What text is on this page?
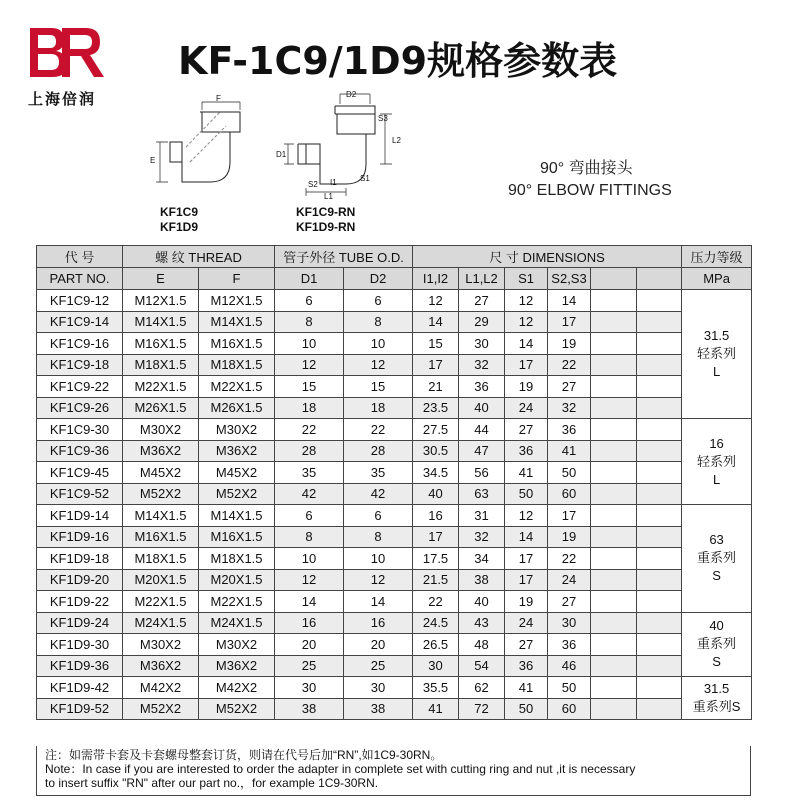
上海倍润
KF-1C9/1D9规格参数表
E
F	D2
S3
L2
D1
S2 I1	S1
L1
KF1C9
KF1D9
KF1C9-RN
KF1D9-RN
90° 弯曲接头
90° ELBOW FITTINGS
代 号	螺 纹 THREAD		管子外径 TUBE O.D.		尺 寸 DIMENSIONS						压力等级
PART NO.	E	F	D1	D2	I1,I2	L1,L2	S1	S2,S3			MPa
KF1C9-12	M12X1.5	M12X1.5	6	6	12	27	12	14			31.5
轻系列
L

KF1C9-14	M14X1.5	M14X1.5	8	8	14	29	12	17			
KF1C9-16	M16X1.5	M16X1.5	10	10	15	30	14	19			
KF1C9-18	M18X1.5	M18X1.5	12	12	17	32	17	22			
KF1C9-22	M22X1.5	M22X1.5	15	15	21	36	19	27			
KF1C9-26	M26X1.5	M26X1.5	18	18	23.5	40	24	32			
KF1C9-30	M30X2	M30X2	22	22	27.5	44	27	36			16
轻系列
L

KF1C9-36	M36X2	M36X2	28	28	30.5	47	36	41			
KF1C9-45	M45X2	M45X2	35	35	34.5	56	41	50			
KF1C9-52	M52X2	M52X2	42	42	40	63	50	60			
KF1D9-14	M14X1.5	M14X1.5	6	6	16	31	12	17			63
重系列
S

KF1D9-16	M16X1.5	M16X1.5	8	8	17	32	14	19			
KF1D9-18	M18X1.5	M18X1.5	10	10	17.5	34	17	22			
KF1D9-20	M20X1.5	M20X1.5	12	12	21.5	38	17	24			
KF1D9-22	M22X1.5	M22X1.5	14	14	22	40	19	27			
KF1D9-24	M24X1.5	M24X1.5	16	16	24.5	43	24	30			40
重系列
S

KF1D9-30	M30X2	M30X2	20	20	26.5	48	27	36			
KF1D9-36	M36X2	M36X2	25	25	30	54	36	46			
KF1D9-42	M42X2	M42X2	30	30	35.5	62	41	50			31.5
重系列S

KF1D9-52	M52X2	M52X2	38	38	41	72	50	60			
注：如需带卡套及卡套螺母整套订货，则请在代号后加“RN”,如1C9-30RN。
Note：In case if you are interested to order the adapter in complete set with cutting ring and nut ,it is necessary
to insert suffix "RN" after our part no.，for example 1C9-30RN.
